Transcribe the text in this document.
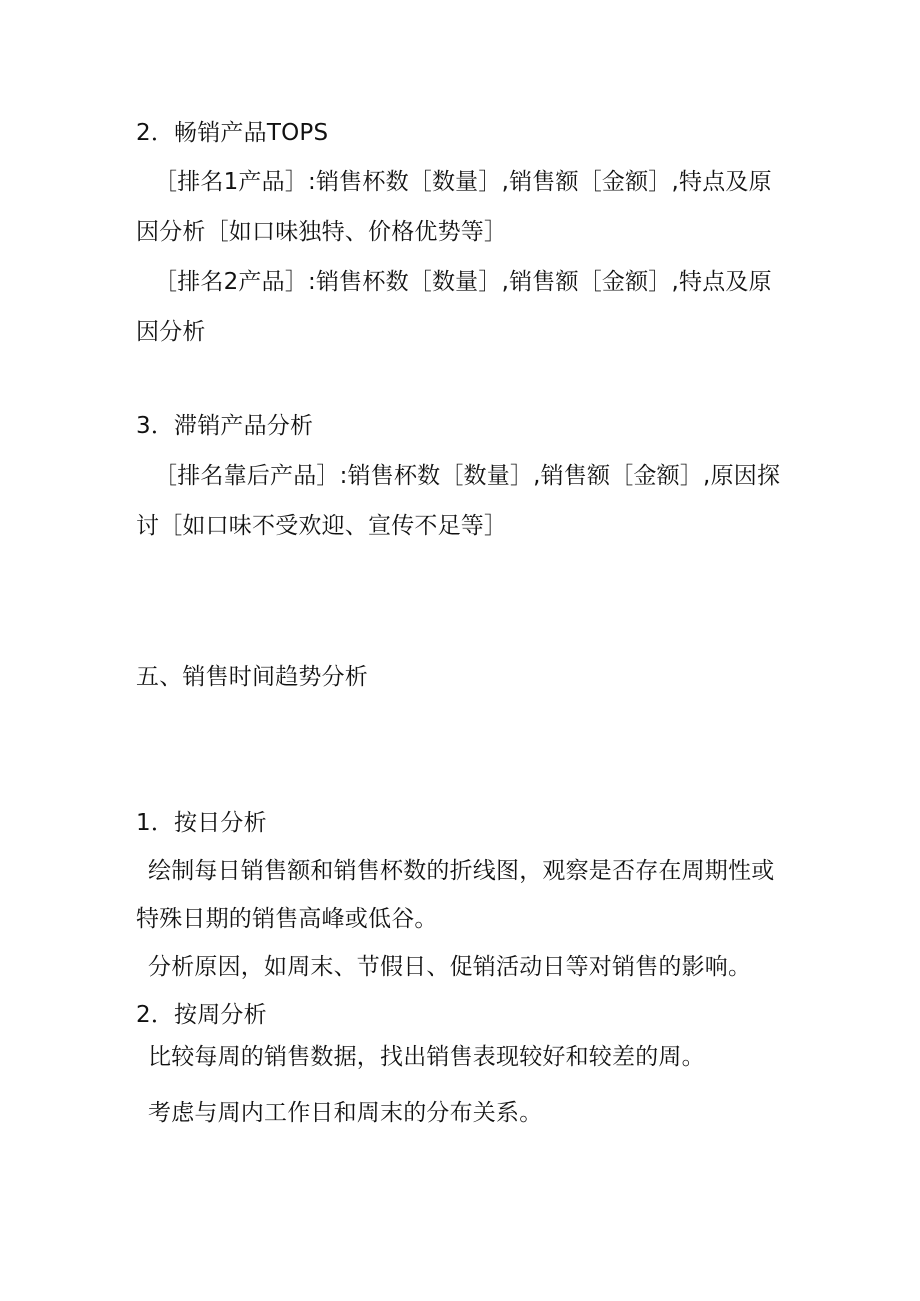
2．畅销产品TOPS
［排名1产品］:销售杯数［数量］,销售额［金额］,特点及原
因分析［如口味独特、价格优势等］
［排名2产品］:销售杯数［数量］,销售额［金额］,特点及原
因分析
3．滞销产品分析
［排名靠后产品］:销售杯数［数量］,销售额［金额］,原因探
讨［如口味不受欢迎、宣传不足等］
五、销售时间趋势分析
1．按日分析
绘制每日销售额和销售杯数的折线图，观察是否存在周期性或
特殊日期的销售高峰或低谷。
分析原因，如周末、节假日、促销活动日等对销售的影响。
2．按周分析
比较每周的销售数据，找出销售表现较好和较差的周。
考虑与周内工作日和周末的分布关系。
